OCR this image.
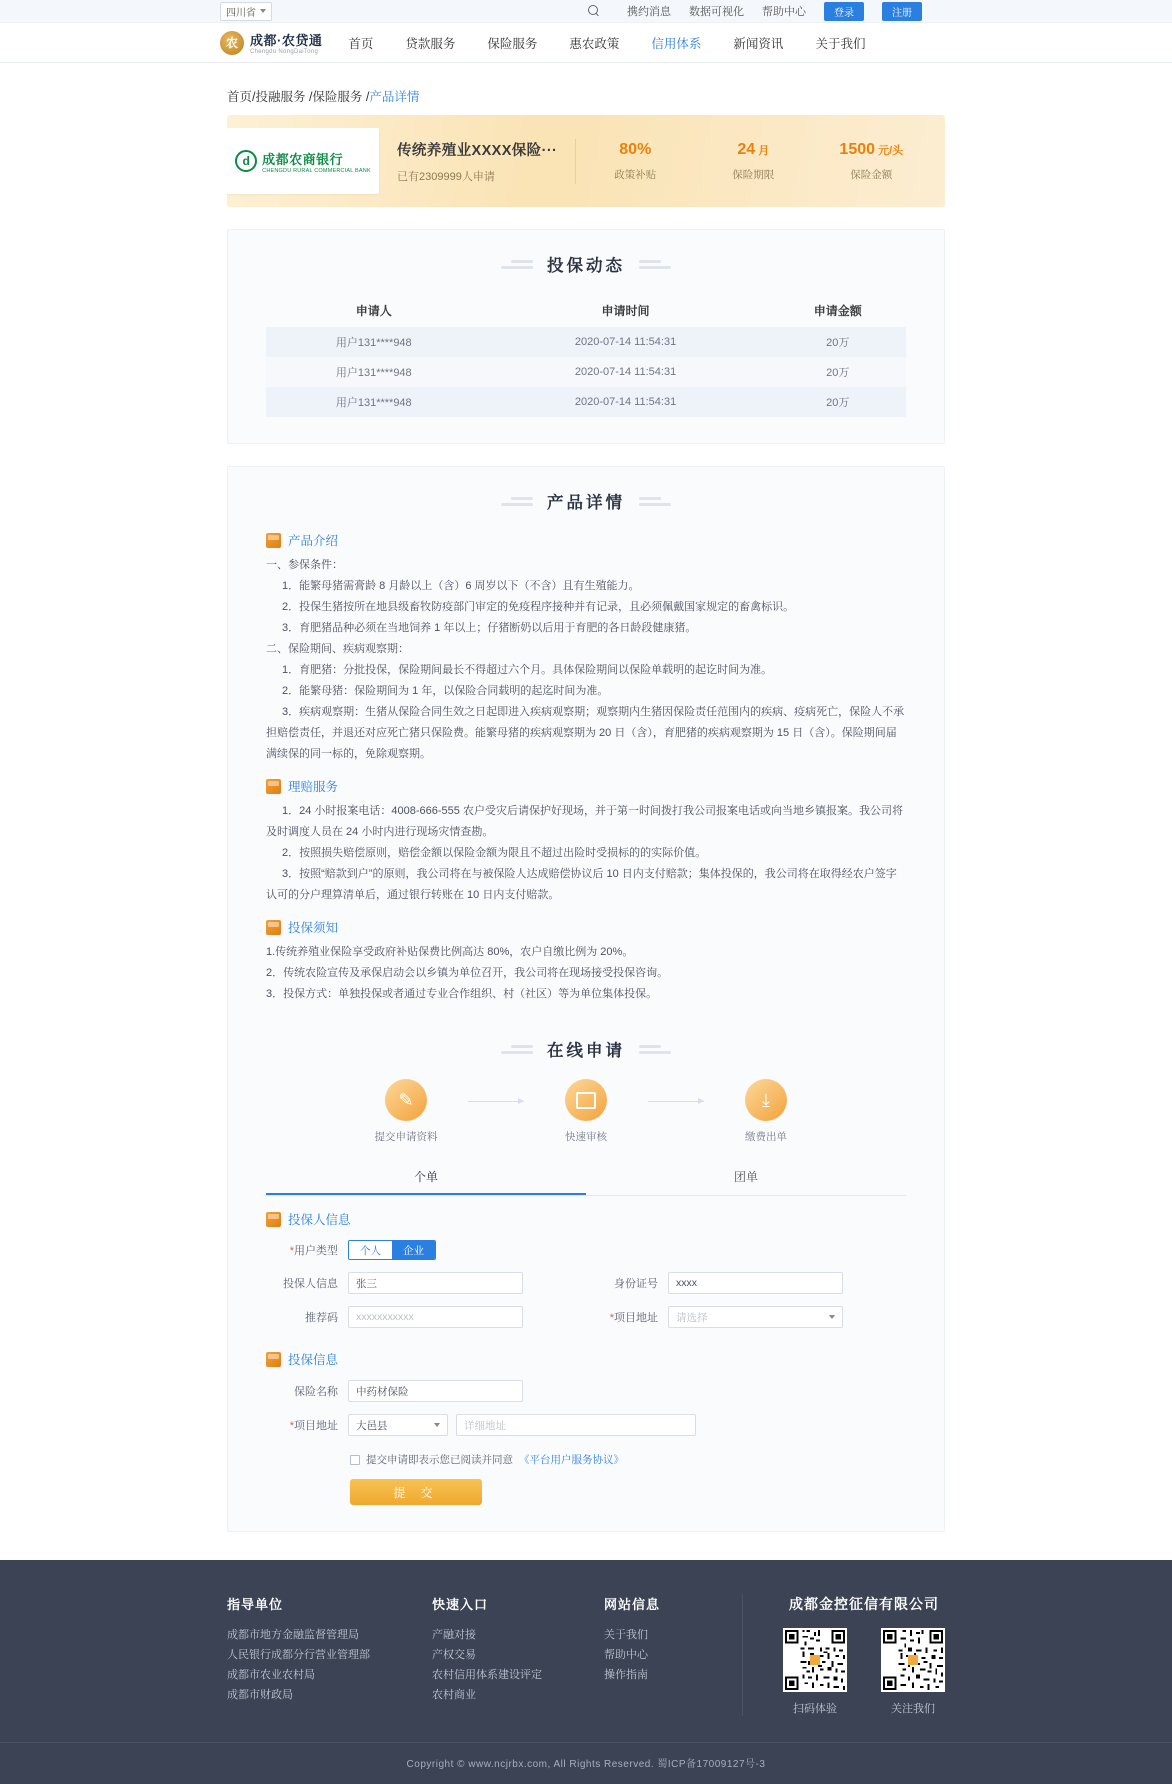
四川省	携约消息 数据可视化 帮助中心	登录	注册
农 成都·农贷通
Chengdu NongDaiTong
首页	贷款服务	保险服务	惠农政策	信用体系	新闻资讯	关于我们
首页/投融服务 /保险服务 /产品详情
d 成都农商银行
CHENGDU RURAL COMMERCIAL BANK
传统养殖业XXXX保险···
已有2309999人申请
80%
政策补贴
24 月
保险期限
1500 元/头
保险金额
投保动态
申请人	申请时间	申请金额
用户131****948	2020-07-14 11:54:31	20万
用户131****948	2020-07-14 11:54:31	20万
用户131****948	2020-07-14 11:54:31	20万
产品详情
产品介绍

一、参保条件：

1．能繁母猪需膏龄 8 月龄以上（含）6 周岁以下（不含）且有生殖能力。

2．投保生猪按所在地县级畜牧防疫部门审定的免疫程序接种并有记录，且必须佩戴国家规定的畜禽标识。

3．育肥猪品种必须在当地饲养 1 年以上；仔猪断奶以后用于育肥的各日龄段健康猪。

二、保险期间、疾病观察期：

1．育肥猪：分批投保，保险期间最长不得超过六个月。具体保险期间以保险单载明的起讫时间为准。

2．能繁母猪：保险期间为 1 年，以保险合同载明的起迄时间为准。

3．疾病观察期：生猪从保险合同生效之日起即进入疾病观察期；观察期内生猪因保险责任范围内的疾病、疫病死亡，保险人不承

担赔偿责任，并退还对应死亡猪只保险费。能繁母猪的疾病观察期为 20 日（含），育肥猪的疾病观察期为 15 日（含）。保险期间届

满续保的同一标的，免除观察期。

理赔服务

1．24 小时报案电话：4008-666-555 农户受灾后请保护好现场，并于第一时间拨打我公司报案电话或向当地乡镇报案。我公司将

及时调度人员在 24 小时内进行现场灾情查勘。

2．按照损失赔偿原则，赔偿金额以保险金额为限且不超过出险时受损标的的实际价值。

3．按照“赔款到户”的原则，我公司将在与被保险人达成赔偿协议后 10 日内支付赔款；集体投保的，我公司将在取得经农户签字

认可的分户理算清单后，通过银行转账在 10 日内支付赔款。

投保须知

1.传统养殖业保险享受政府补贴保费比例高达 80%，农户自缴比例为 20%。

2．传统农险宣传及承保启动会以乡镇为单位召开，我公司将在现场接受投保咨询。

3．投保方式：单独投保或者通过专业合作组织、村（社区）等为单位集体投保。

在线申请
✎
提交申请资料	快速审核
⤓
缴费出单
个单	团单
投保人信息
*用户类型	个人	企业
投保人信息	张三	身份证号	xxxx
推荐码	xxxxxxxxxxx	*项目地址	请选择
投保信息
保险名称	中药材保险
*项目地址	大邑县	详细地址
提交申请即表示您已阅读并同意 《平台用户服务协议》
提 交
指导单位
成都市地方金融监督管理局
人民银行成都分行营业管理部
成都市农业农村局
成都市财政局
快速入口
产融对接
产权交易
农村信用体系建设评定
农村商业
网站信息
关于我们
帮助中心
操作指南
成都金控征信有限公司
扫码体验	关注我们
Copyright © www.ncjrbx.com, All Rights Reserved. 蜀ICP备17009127号-3
